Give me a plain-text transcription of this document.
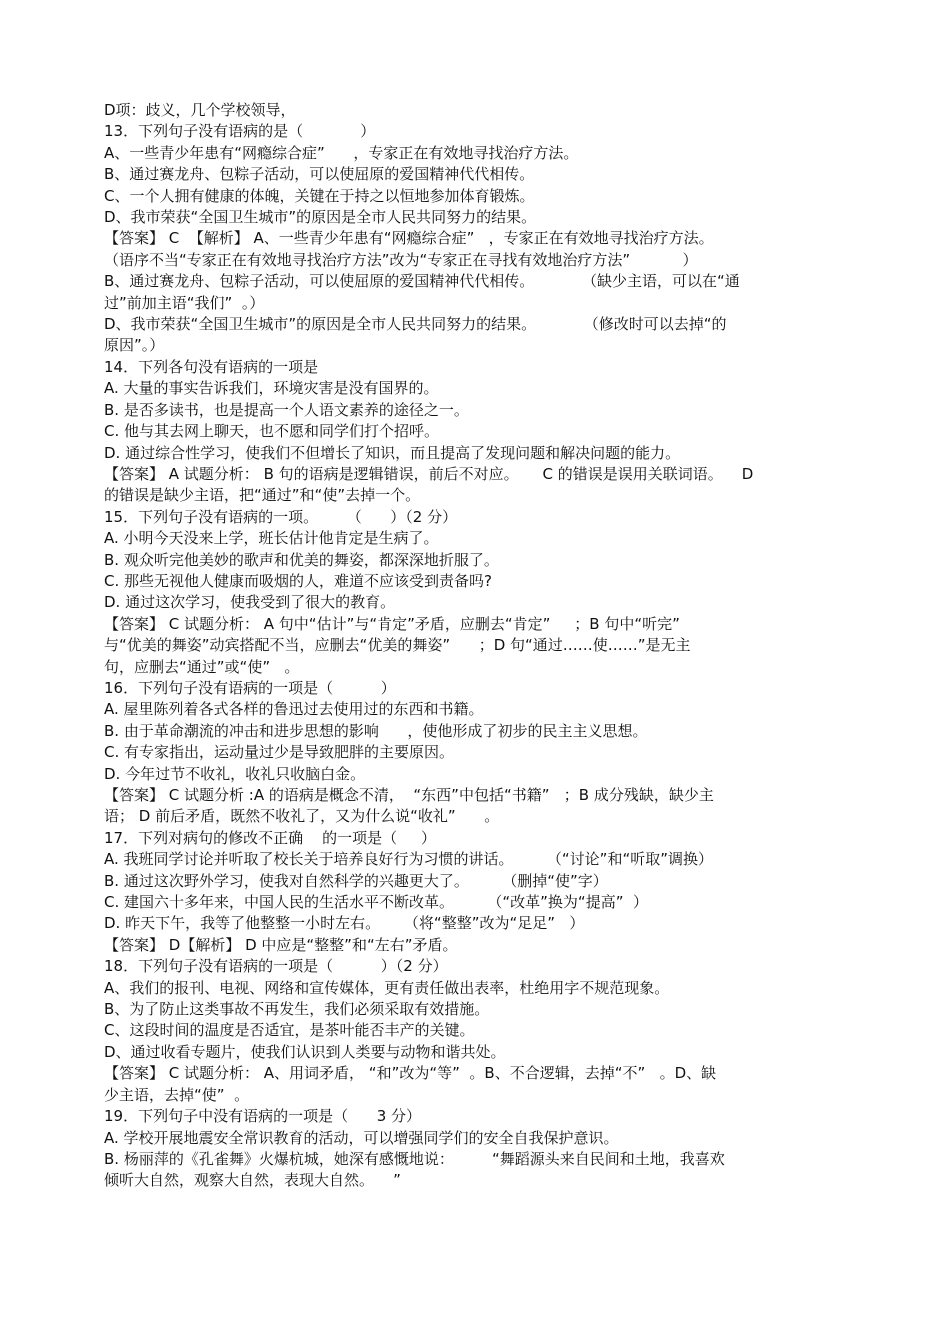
D项：歧义，几个学校领导，
13．下列句子没有语病的是（            ）
A、一些青少年患有“网瘾综合症”      ，专家正在有效地寻找治疗方法。
B、通过赛龙舟、包粽子活动，可以使屈原的爱国精神代代相传。
C、一个人拥有健康的体魄，关键在于持之以恒地参加体育锻炼。
D、我市荣获“全国卫生城市”的原因是全市人民共同努力的结果。
【答案】 C  【解析】 A、一些青少年患有“网瘾综合症”   ，专家正在有效地寻找治疗方法。
（语序不当“专家正在有效地寻找治疗方法”改为“专家正在寻找有效地治疗方法”           ）
B、通过赛龙舟、包粽子活动，可以使屈原的爱国精神代代相传。          （缺少主语，可以在“通
过”前加主语“我们”  。）
D、我市荣获“全国卫生城市”的原因是全市人民共同努力的结果。          （修改时可以去掉“的
原因”。）
14．下列各句没有语病的一项是
A. 大量的事实告诉我们，环境灾害是没有国界的。
B. 是否多读书，也是提高一个人语文素养的途径之一。
C. 他与其去网上聊天，也不愿和同学们打个招呼。
D. 通过综合性学习，使我们不但增长了知识，而且提高了发现问题和解决问题的能力。
【答案】 A 试题分析： B 句的语病是逻辑错误，前后不对应。     C 的错误是误用关联词语。    D
的错误是缺少主语，把“通过”和“使”去掉一个。
15．下列句子没有语病的一项。      （      ）（2 分）
A. 小明今天没来上学，班长估计他肯定是生病了。
B. 观众听完他美妙的歌声和优美的舞姿，都深深地折服了。
C. 那些无视他人健康而吸烟的人，难道不应该受到责备吗?
D. 通过这次学习，使我受到了很大的教育。
【答案】 C 试题分析： A 句中“估计”与“肯定”矛盾，应删去“肯定”     ；B 句中“听完”
与“优美的舞姿”动宾搭配不当，应删去“优美的舞姿”      ；D 句“通过……使……”是无主
句，应删去“通过”或“使”   。
16．下列句子没有语病的一项是（          ）
A. 屋里陈列着各式各样的鲁迅过去使用过的东西和书籍。
B. 由于革命潮流的冲击和进步思想的影响      ，使他形成了初步的民主主义思想。
C. 有专家指出，运动量过少是导致肥胖的主要原因。
D. 今年过节不收礼，收礼只收脑白金。
【答案】 C 试题分析 :A 的语病是概念不清，  “东西”中包括“书籍”   ；B 成分残缺，缺少主
语； D 前后矛盾，既然不收礼了，又为什么说“收礼”      。
17．下列对病句的修改不正确    的一项是（     ）
A. 我班同学讨论并听取了校长关于培养良好行为习惯的讲话。       （“讨论”和“听取”调换）
B. 通过这次野外学习，使我对自然科学的兴趣更大了。       （删掉“使”字）
C. 建国六十多年来，中国人民的生活水平不断改革。       （“改革”换为“提高”  ）
D. 昨天下午，我等了他整整一小时左右。     （将“整整”改为“足足”   ）
【答案】 D【解析】 D 中应是“整整”和“左右”矛盾。
18．下列句子没有语病的一项是（          ）（2 分）
A、我们的报刊、电视、网络和宣传媒体，更有责任做出表率，杜绝用字不规范现象。
B、为了防止这类事故不再发生，我们必须采取有效措施。
C、这段时间的温度是否适宜，是茶叶能否丰产的关键。
D、通过收看专题片，使我们认识到人类要与动物和谐共处。
【答案】 C 试题分析： A、用词矛盾， “和”改为“等”  。B、不合逻辑，去掉“不”   。D、缺
少主语，去掉“使”  。
19．下列句子中没有语病的一项是（      3 分）
A. 学校开展地震安全常识教育的活动，可以增强同学们的安全自我保护意识。
B. 杨丽萍的《孔雀舞》火爆杭城，她深有感慨地说：        “舞蹈源头来自民间和土地，我喜欢
倾听大自然，观察大自然，表现大自然。    ”
